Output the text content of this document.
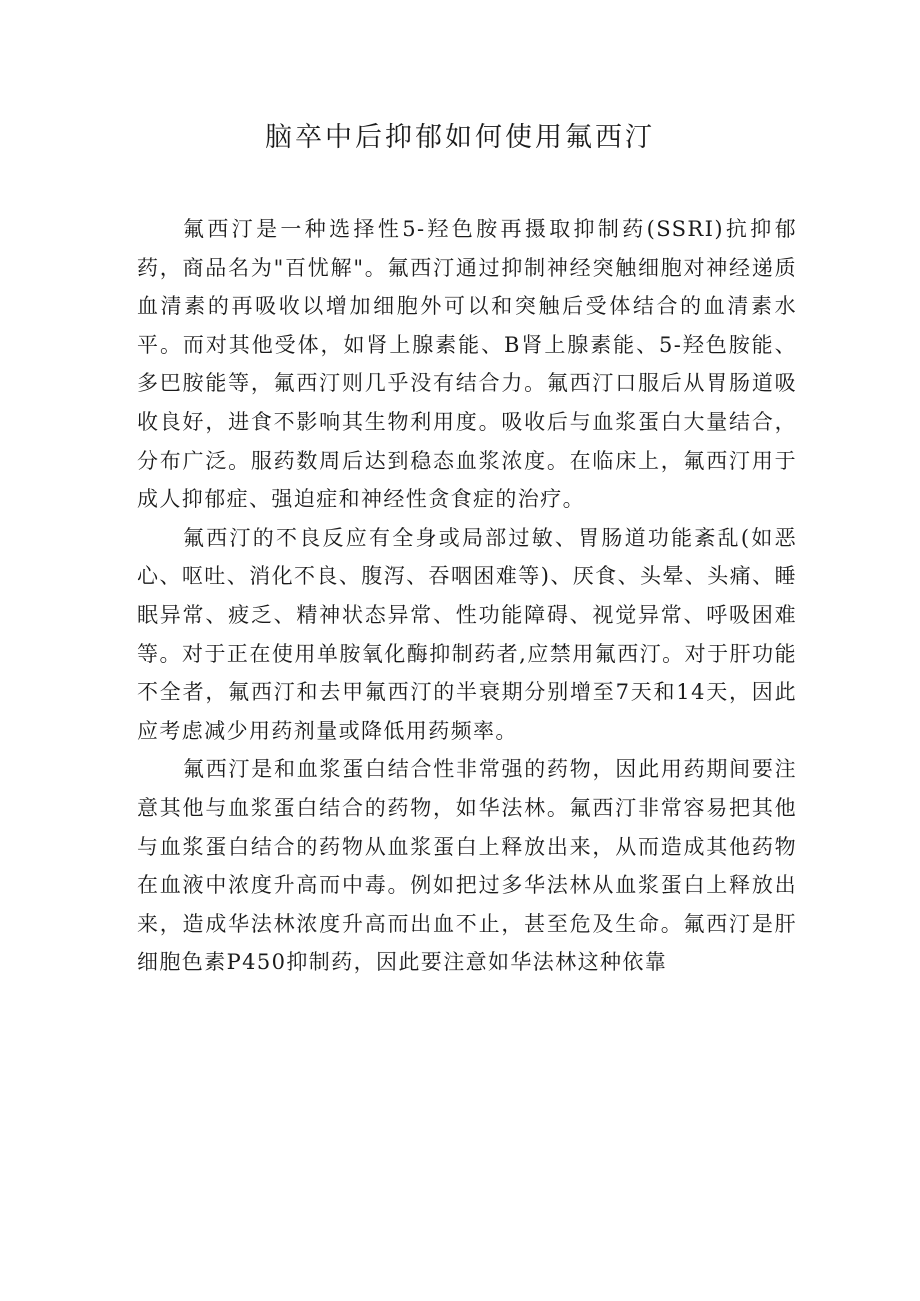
脑卒中后抑郁如何使用氟西汀

氟西汀是一种选择性5-羟色胺再摄取抑制药(SSRI)抗抑郁药，商品名为"百忧解"。氟西汀通过抑制神经突触细胞对神经递质血清素的再吸收以增加细胞外可以和突触后受体结合的血清素水平。而对其他受体，如肾上腺素能、B肾上腺素能、5-羟色胺能、多巴胺能等，氟西汀则几乎没有结合力。氟西汀口服后从胃肠道吸收良好，进食不影响其生物利用度。吸收后与血浆蛋白大量结合，分布广泛。服药数周后达到稳态血浆浓度。在临床上，氟西汀用于成人抑郁症、强迫症和神经性贪食症的治疗。

氟西汀的不良反应有全身或局部过敏、胃肠道功能紊乱(如恶心、呕吐、消化不良、腹泻、吞咽困难等)、厌食、头晕、头痛、睡眠异常、疲乏、精神状态异常、性功能障碍、视觉异常、呼吸困难等。对于正在使用单胺氧化酶抑制药者,应禁用氟西汀。对于肝功能不全者，氟西汀和去甲氟西汀的半衰期分别增至7天和14天，因此应考虑减少用药剂量或降低用药频率。

氟西汀是和血浆蛋白结合性非常强的药物，因此用药期间要注意其他与血浆蛋白结合的药物，如华法林。氟西汀非常容易把其他与血浆蛋白结合的药物从血浆蛋白上释放出来，从而造成其他药物在血液中浓度升高而中毒。例如把过多华法林从血浆蛋白上释放出来，造成华法林浓度升高而出血不止，甚至危及生命。氟西汀是肝细胞色素P450抑制药，因此要注意如华法林这种依靠
